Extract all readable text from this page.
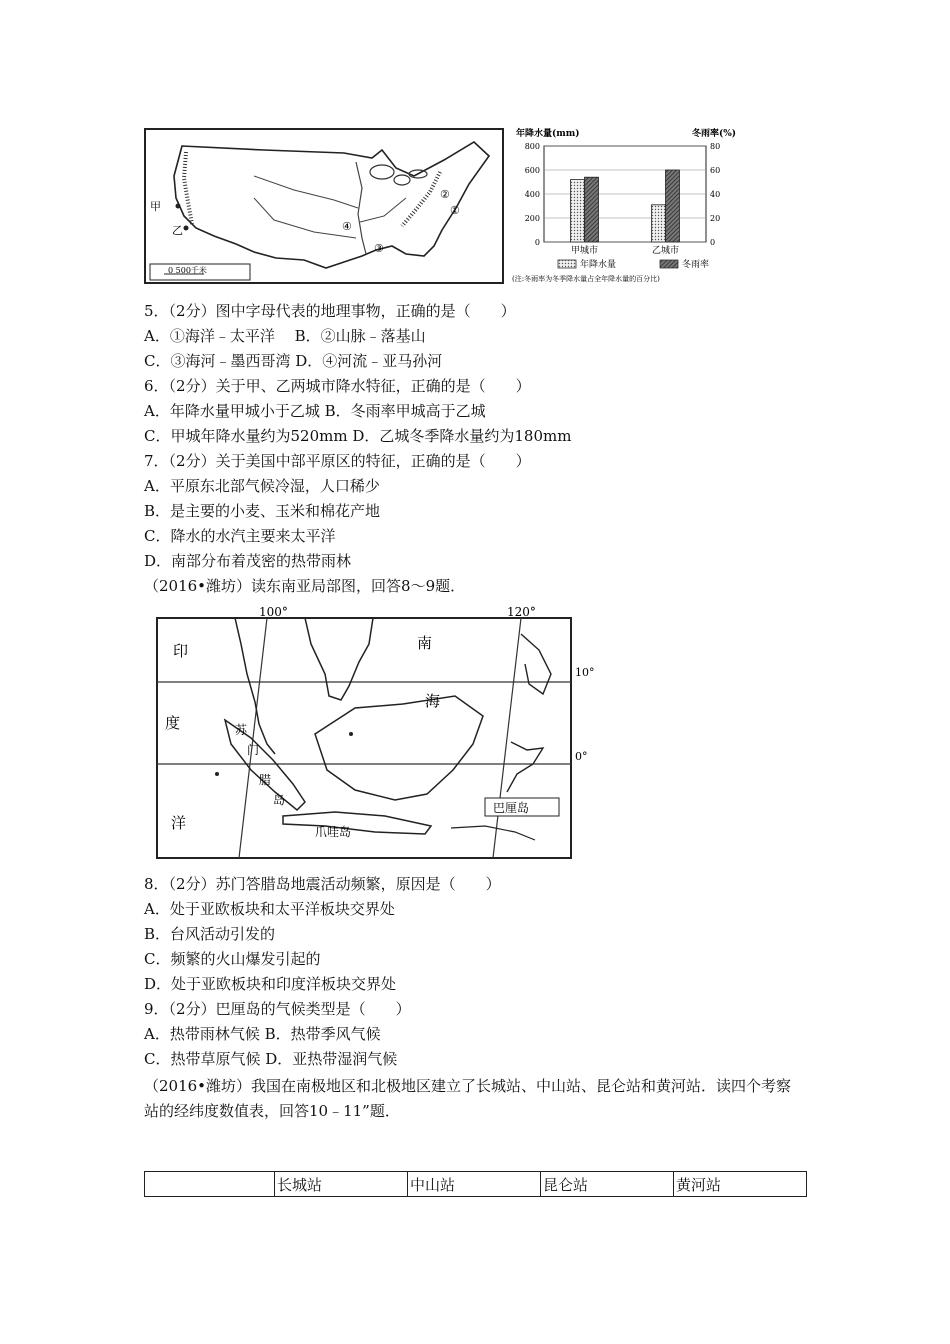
甲
乙
①
②
③
④
0 500千米
年降水量(mm)	冬雨率(%)
0
200
400
600
800
0
20
40
60
80
甲城市	乙城市
年降水量	冬雨率
(注:冬雨率为冬季降水量占全年降水量的百分比)
5．（2分）图中字母代表的地理事物，正确的是（　　）
A．①海洋﹣太平洋　 B．②山脉﹣落基山
C．③海河﹣墨西哥湾 D．④河流﹣亚马孙河
6．（2分）关于甲、乙两城市降水特征，正确的是（　　）
A．年降水量甲城小于乙城 B．冬雨率甲城高于乙城
C．甲城年降水量约为520mm D．乙城冬季降水量约为180mm
7．（2分）关于美国中部平原区的特征，正确的是（　　）
A．平原东北部气候冷湿，人口稀少
B．是主要的小麦、玉米和棉花产地
C．降水的水汽主要来太平洋
D．南部分布着茂密的热带雨林
（2016•潍坊）读东南亚局部图，回答8～9题．
100°	120°
10°
0°
印
度
洋
南
海
苏
门
腊
岛
爪哇岛
巴厘岛
8．（2分）苏门答腊岛地震活动频繁，原因是（　　）
A．处于亚欧板块和太平洋板块交界处
B．台风活动引发的
C．频繁的火山爆发引起的
D．处于亚欧板块和印度洋板块交界处
9．（2分）巴厘岛的气候类型是（　　）
A．热带雨林气候 B．热带季风气候
C．热带草原气候 D．亚热带湿润气候
（2016•潍坊）我国在南极地区和北极地区建立了长城站、中山站、昆仑站和黄河站．读四个考察站的经纬度数值表，回答10﹣11”题．
	长城站	中山站	昆仑站	黄河站
